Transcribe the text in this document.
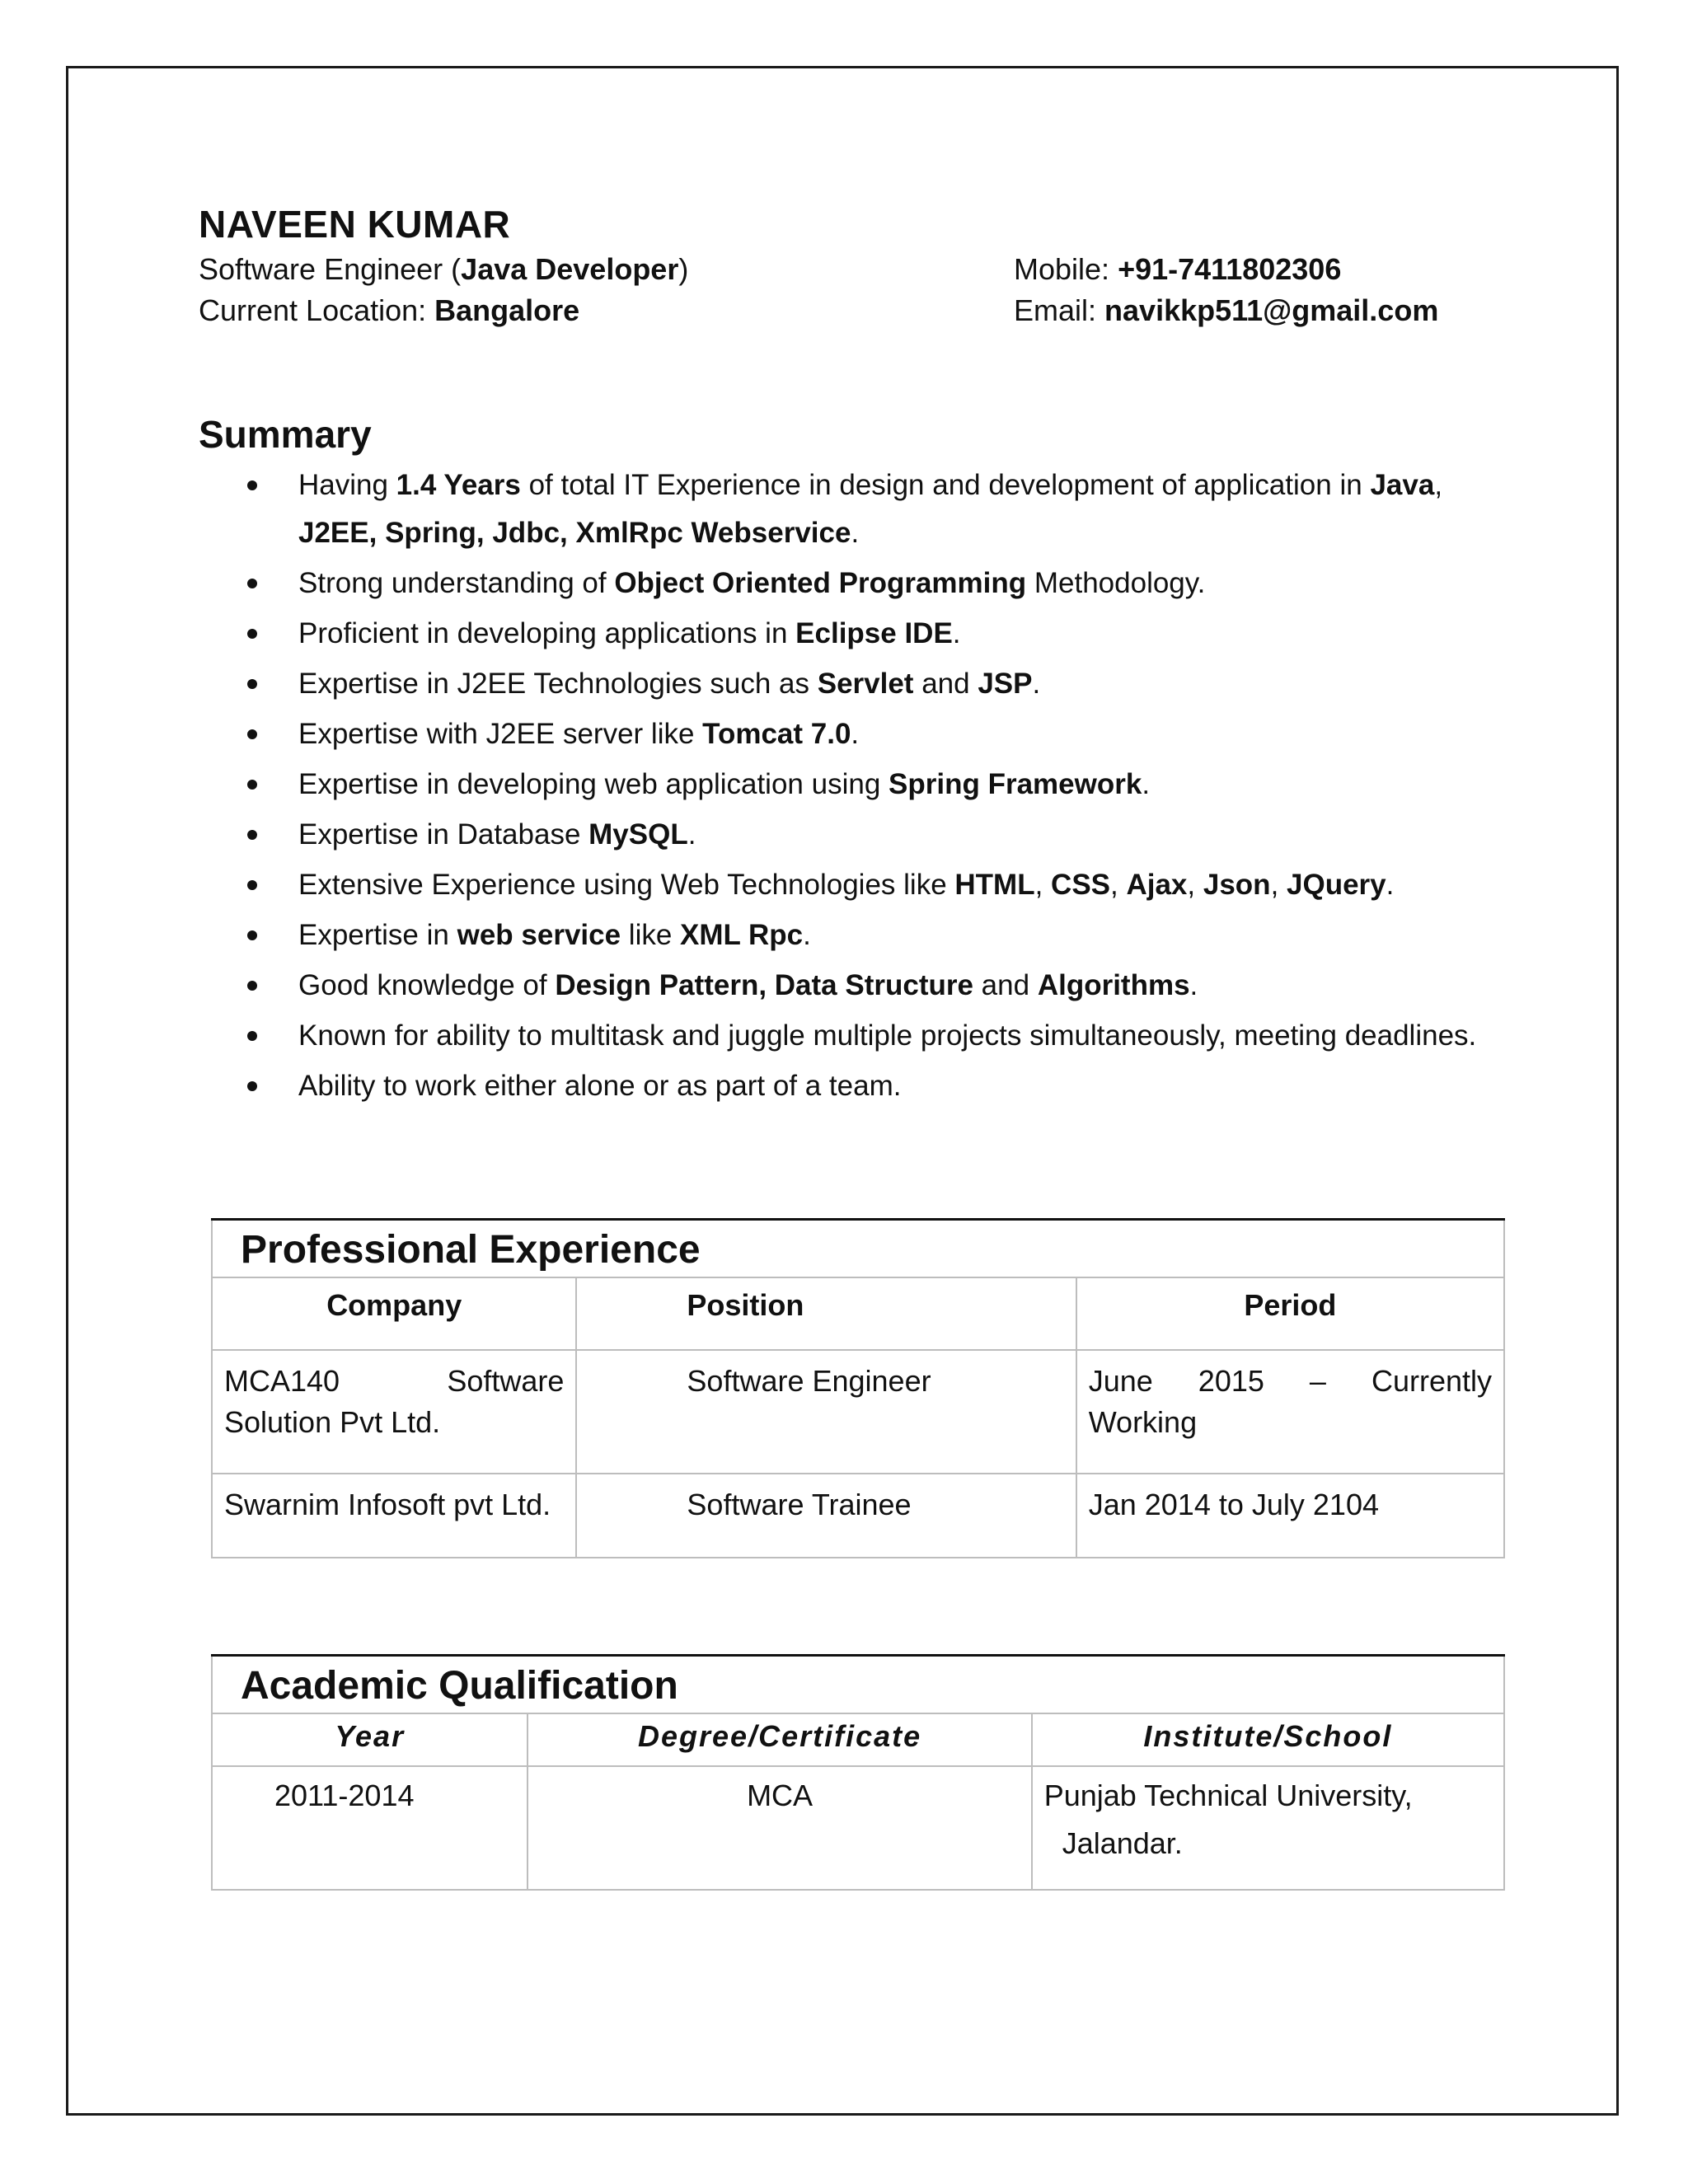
NAVEEN KUMAR
Software Engineer (Java Developer)
Current Location: Bangalore
Mobile: +91-7411802306
Email: navikkp511@gmail.com
Summary
Having 1.4 Years of total IT Experience in design and development of application in Java, J2EE, Spring, Jdbc, XmlRpc Webservice.
Strong understanding of Object Oriented Programming Methodology.
Proficient in developing applications in Eclipse IDE.
Expertise in J2EE Technologies such as Servlet and JSP.
Expertise with J2EE server like Tomcat 7.0.
Expertise in developing web application using Spring Framework.
Expertise in Database MySQL.
Extensive Experience using Web Technologies like HTML, CSS, Ajax, Json, JQuery.
Expertise in web service like XML Rpc.
Good knowledge of Design Pattern, Data Structure and Algorithms.
Known for ability to multitask and juggle multiple projects simultaneously, meeting deadlines.
Ability to work either alone or as part of a team.
Professional Experience		
Company	Position	Period
MCA140 Software Solution Pvt Ltd.	Software Engineer	June 2015 – Currently Working
Swarnim Infosoft pvt Ltd.	Software Trainee	Jan 2014 to July 2104
Academic Qualification		
Year	Degree/Certificate	Institute/School
2011-2014	MCA	Punjab Technical University,
Jalandar.
